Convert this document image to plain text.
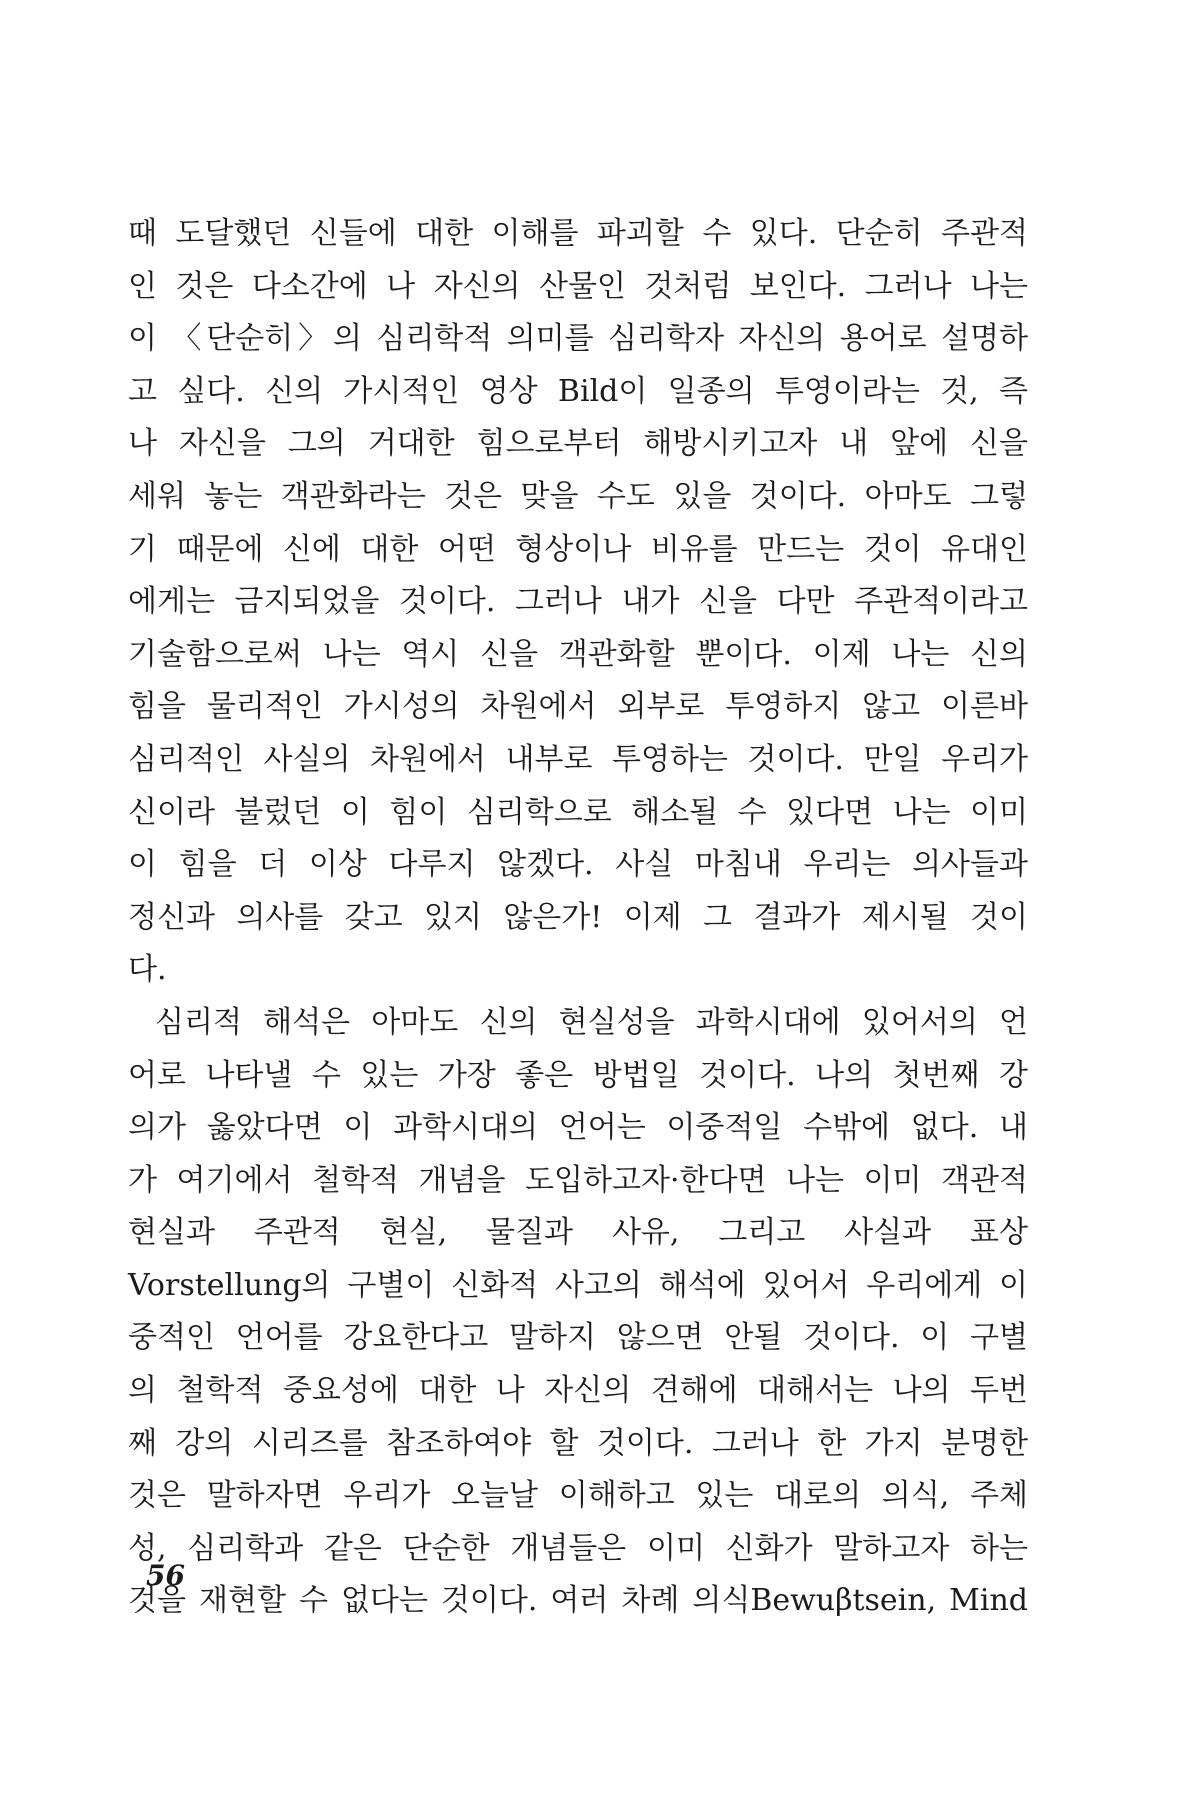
때 도달했던 신들에 대한 이해를 파괴할 수 있다. 단순히 주관적
인 것은 다소간에 나 자신의 산물인 것처럼 보인다. 그러나 나는
이 〈단순히〉의 심리학적 의미를 심리학자 자신의 용어로 설명하
고 싶다. 신의 가시적인 영상 Bild이 일종의 투영이라는 것, 즉
나 자신을 그의 거대한 힘으로부터 해방시키고자 내 앞에 신을
세워 놓는 객관화라는 것은 맞을 수도 있을 것이다. 아마도 그렇
기 때문에 신에 대한 어떤 형상이나 비유를 만드는 것이 유대인
에게는 금지되었을 것이다. 그러나 내가 신을 다만 주관적이라고
기술함으로써 나는 역시 신을 객관화할 뿐이다. 이제 나는 신의
힘을 물리적인 가시성의 차원에서 외부로 투영하지 않고 이른바
심리적인 사실의 차원에서 내부로 투영하는 것이다. 만일 우리가
신이라 불렀던 이 힘이 심리학으로 해소될 수 있다면 나는 이미
이 힘을 더 이상 다루지 않겠다. 사실 마침내 우리는 의사들과
정신과 의사를 갖고 있지 않은가! 이제 그 결과가 제시될 것이
다.
심리적 해석은 아마도 신의 현실성을 과학시대에 있어서의 언
어로 나타낼 수 있는 가장 좋은 방법일 것이다. 나의 첫번째 강
의가 옳았다면 이 과학시대의 언어는 이중적일 수밖에 없다. 내
가 여기에서 철학적 개념을 도입하고자·한다면 나는 이미 객관적
현실과 주관적 현실, 물질과 사유, 그리고 사실과 표상
Vorstellung의 구별이 신화적 사고의 해석에 있어서 우리에게 이
중적인 언어를 강요한다고 말하지 않으면 안될 것이다. 이 구별
의 철학적 중요성에 대한 나 자신의 견해에 대해서는 나의 두번
째 강의 시리즈를 참조하여야 할 것이다. 그러나 한 가지 분명한
것은 말하자면 우리가 오늘날 이해하고 있는 대로의 의식, 주체
성, 심리학과 같은 단순한 개념들은 이미 신화가 말하고자 하는
것을 재현할 수 없다는 것이다. 여러 차례 의식Bewuβtsein, Mind
56
